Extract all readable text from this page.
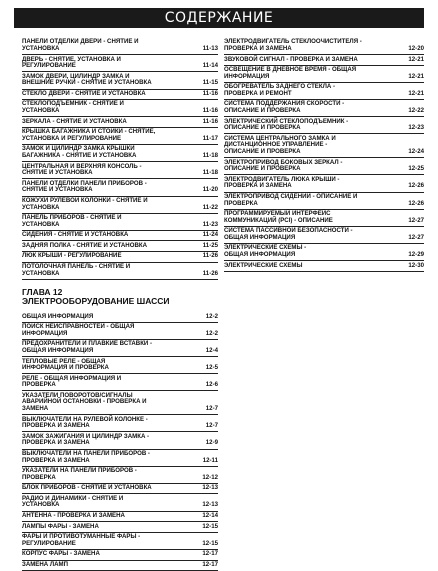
СОДЕРЖАНИЕ
ПАНЕЛИ ОТДЕЛКИ ДВЕРИ - СНЯТИЕ И
УСТАНОВКА	11-13
ДВЕРЬ - СНЯТИЕ, УСТАНОВКА И
РЕГУЛИРОВАНИЕ	11-14
ЗАМОК ДВЕРИ, ЦИЛИНДР ЗАМКА И
ВНЕШНИЕ РУЧКИ - СНЯТИЕ И УСТАНОВКА	11-15
СТЕКЛО ДВЕРИ - СНЯТИЕ И УСТАНОВКА	11-16
СТЕКЛОПОДЪЕМНИК - СНЯТИЕ И
УСТАНОВКА	11-16
ЗЕРКАЛА - СНЯТИЕ И УСТАНОВКА	11-16
КРЫШКА БАГАЖНИКА И СТОЙКИ - СНЯТИЕ,
УСТАНОВКА И РЕГУЛИРОВАНИЕ	11-17
ЗАМОК И ЦИЛИНДР ЗАМКА КРЫШКИ
БАГАЖНИКА - СНЯТИЕ И УСТАНОВКА	11-18
ЦЕНТРАЛЬНАЯ И ВЕРХНЯЯ КОНСОЛЬ -
СНЯТИЕ И УСТАНОВКА	11-18
ПАНЕЛИ ОТДЕЛКИ ПАНЕЛИ ПРИБОРОВ -
СНЯТИЕ И УСТАНОВКА	11-20
КОЖУХИ РУЛЕВОЙ КОЛОНКИ - СНЯТИЕ И
УСТАНОВКА	11-22
ПАНЕЛЬ ПРИБОРОВ - СНЯТИЕ И
УСТАНОВКА	11-23
СИДЕНИЯ - СНЯТИЕ И УСТАНОВКА	11-24
ЗАДНЯЯ ПОЛКА - СНЯТИЕ И УСТАНОВКА	11-25
ЛЮК КРЫШИ - РЕГУЛИРОВАНИЕ	11-26
ПОТОЛОЧНАЯ ПАНЕЛЬ - СНЯТИЕ И
УСТАНОВКА	11-26
ГЛАВА 12
ЭЛЕКТРООБОРУДОВАНИЕ ШАССИ
ОБЩАЯ ИНФОРМАЦИЯ	12-2
ПОИСК НЕИСПРАВНОСТЕЙ - ОБЩАЯ
ИНФОРМАЦИЯ	12-2
ПРЕДОХРАНИТЕЛИ И ПЛАВКИЕ ВСТАВКИ -
ОБЩАЯ ИНФОРМАЦИЯ	12-4
ТЕПЛОВЫЕ РЕЛЕ - ОБЩАЯ
ИНФОРМАЦИЯ И ПРОВЕРКА	12-5
РЕЛЕ - ОБЩАЯ ИНФОРМАЦИЯ И
ПРОВЕРКА	12-6
УКАЗАТЕЛИ ПОВОРОТОВ/СИГНАЛЫ
АВАРИЙНОЙ ОСТАНОВКИ - ПРОВЕРКА И
ЗАМЕНА	12-7
ВЫКЛЮЧАТЕЛИ НА РУЛЕВОЙ КОЛОНКЕ -
ПРОВЕРКА И ЗАМЕНА	12-7
ЗАМОК ЗАЖИГАНИЯ И ЦИЛИНДР ЗАМКА -
ПРОВЕРКА И ЗАМЕНА	12-9
ВЫКЛЮЧАТЕЛИ НА ПАНЕЛИ ПРИБОРОВ -
ПРОВЕРКА И ЗАМЕНА	12-11
УКАЗАТЕЛИ НА ПАНЕЛИ ПРИБОРОВ -
ПРОВЕРКА	12-12
БЛОК ПРИБОРОВ - СНЯТИЕ И УСТАНОВКА	12-13
РАДИО И ДИНАМИКИ - СНЯТИЕ И
УСТАНОВКА	12-13
АНТЕННА - ПРОВЕРКА И ЗАМЕНА	12-14
ЛАМПЫ ФАРЫ - ЗАМЕНА	12-15
ФАРЫ И ПРОТИВОТУМАННЫЕ ФАРЫ -
РЕГУЛИРОВАНИЕ	12-15
КОРПУС ФАРЫ - ЗАМЕНА	12-17
ЗАМЕНА ЛАМП	12-17
ЭЛЕКТРОДВИГАТЕЛЬ СТЕКЛООЧИСТИТЕЛЯ -
ПРОВЕРКА И ЗАМЕНА	12-20
ЗВУКОВОЙ СИГНАЛ - ПРОВЕРКА И ЗАМЕНА	12-21
ОСВЕЩЕНИЕ В ДНЕВНОЕ ВРЕМЯ - ОБЩАЯ
ИНФОРМАЦИЯ	12-21
ОБОГРЕВАТЕЛЬ ЗАДНЕГО СТЕКЛА -
ПРОВЕРКА И РЕМОНТ	12-21
СИСТЕМА ПОДДЕРЖАНИЯ СКОРОСТИ -
ОПИСАНИЕ И ПРОВЕРКА	12-22
ЭЛЕКТРИЧЕСКИЙ СТЕКЛОПОДЪЕМНИК -
ОПИСАНИЕ И ПРОВЕРКА	12-23
СИСТЕМА ЦЕНТРАЛЬНОГО ЗАМКА И
ДИСТАНЦИОННОЕ УПРАВЛЕНИЕ -
ОПИСАНИЕ И ПРОВЕРКА	12-24
ЭЛЕКТРОПРИВОД БОКОВЫХ ЗЕРКАЛ -
ОПИСАНИЕ И ПРОВЕРКА	12-25
ЭЛЕКТРОДВИГАТЕЛЬ ЛЮКА КРЫШИ -
ПРОВЕРКА И ЗАМЕНА	12-26
ЭЛЕКТРОПРИВОД СИДЕНИЙ - ОПИСАНИЕ И
ПРОВЕРКА	12-26
ПРОГРАММИРУЕМЫЙ ИНТЕРФЕЙС
КОММУНИКАЦИЙ (PCI) - ОПИСАНИЕ	12-27
СИСТЕМА ПАССИВНОЙ БЕЗОПАСНОСТИ -
ОБЩАЯ ИНФОРМАЦИЯ	12-27
ЭЛЕКТРИЧЕСКИЕ СХЕМЫ -
ОБЩАЯ ИНФОРМАЦИЯ	12-29
ЭЛЕКТРИЧЕСКИЕ СХЕМЫ	12-30
